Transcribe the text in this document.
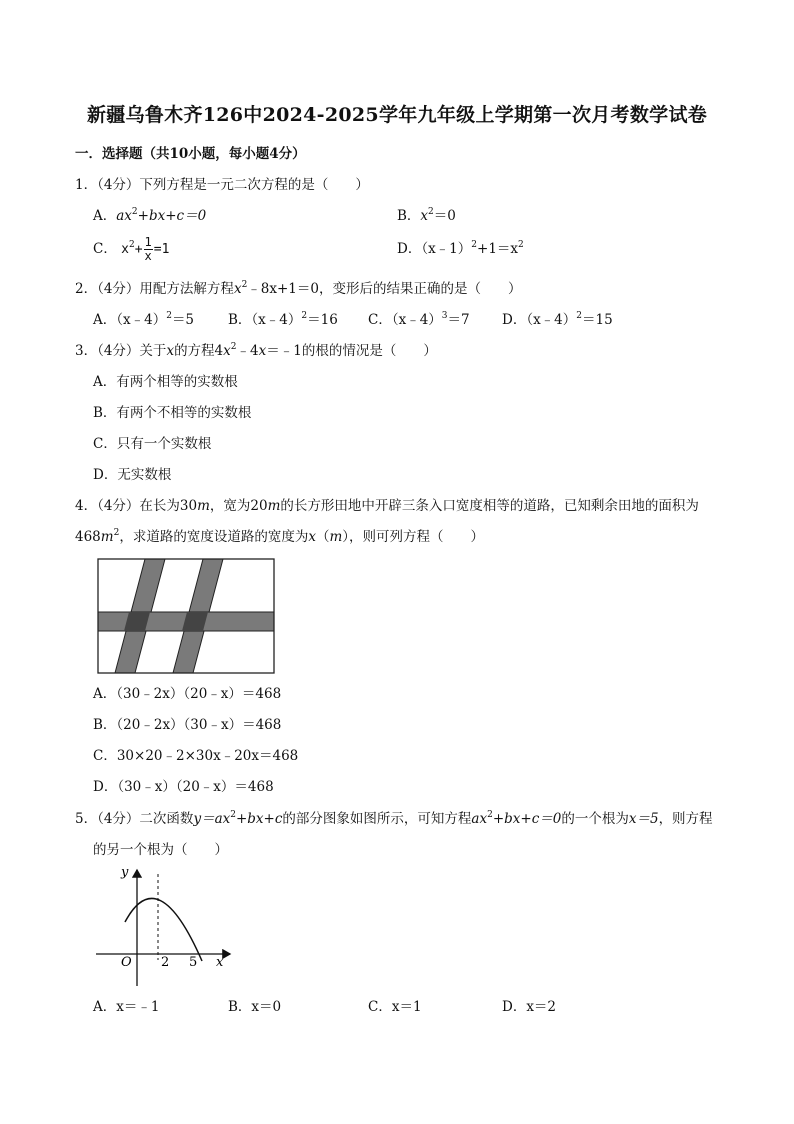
新疆乌鲁木齐126中2024-2025学年九年级上学期第一次月考数学试卷
一．选择题（共10小题，每小题4分）
1．（4分）下列方程是一元二次方程的是（　　）
A．$ax^2+bx+c=0$	B．$x^2=0$
C． $x^2+ \frac{1}{x} =1$	D．$(x﹣1)^2+1=x^2$
2．（4分）用配方法解方程$x^2﹣8x+1=0$，变形后的结果正确的是（　　）
A．（x﹣4）$^2$＝5	B．（x﹣4）$^2$＝16 C．（x﹣4）$^3$＝7 D．（x﹣4）$^2$＝15
3．（4分）关于x的方程$4x^2﹣4x=﹣1$的根的情况是（　　）
A．有两个相等的实数根
B．有两个不相等的实数根
C．只有一个实数根
D．无实数根
4．（4分）在长为30m，宽为20m的长方形田地中开辟三条入口宽度相等的道路，已知剩余田地的面积为
$468m^2$，求道路的宽度设道路的宽度为x（m），则可列方程（　　）
A．（30﹣2x）（20﹣x）＝468
B．（20﹣2x）（30﹣x）＝468
C．30×20﹣2×30x﹣20x＝468
D．（30﹣x）（20﹣x）＝468
5．（4分）二次函数$y=ax^2+bx+c$的部分图象如图所示，可知方程$ax^2+bx+c=0$的一个根为x＝5，则方程
的另一个根为（　　）
y
O 2 5 x
A．x＝﹣1	B．x＝0	C．x＝1	D．x＝2
